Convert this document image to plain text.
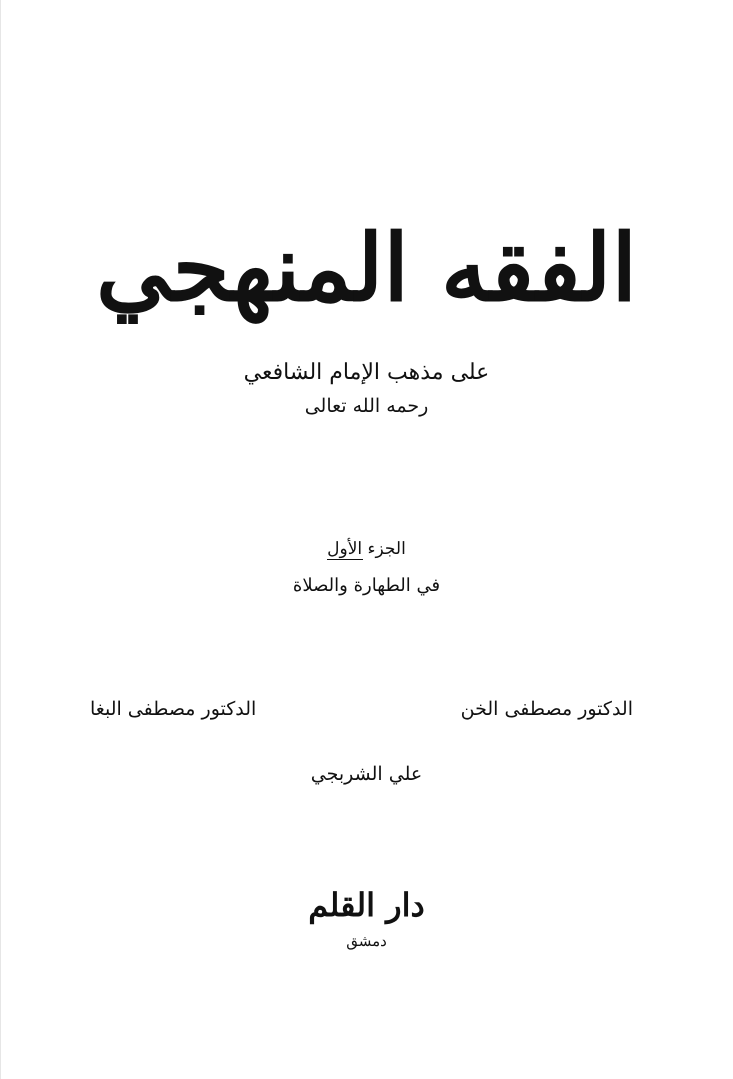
الفقه المنهجي
على مذهب الإمام الشافعي
رحمه الله تعالى
الجزء الأول
في الطهارة والصلاة
الدكتور مصطفى الخن
الدكتور مصطفى البغا
علي الشربجي
دار القلم
دمشق
